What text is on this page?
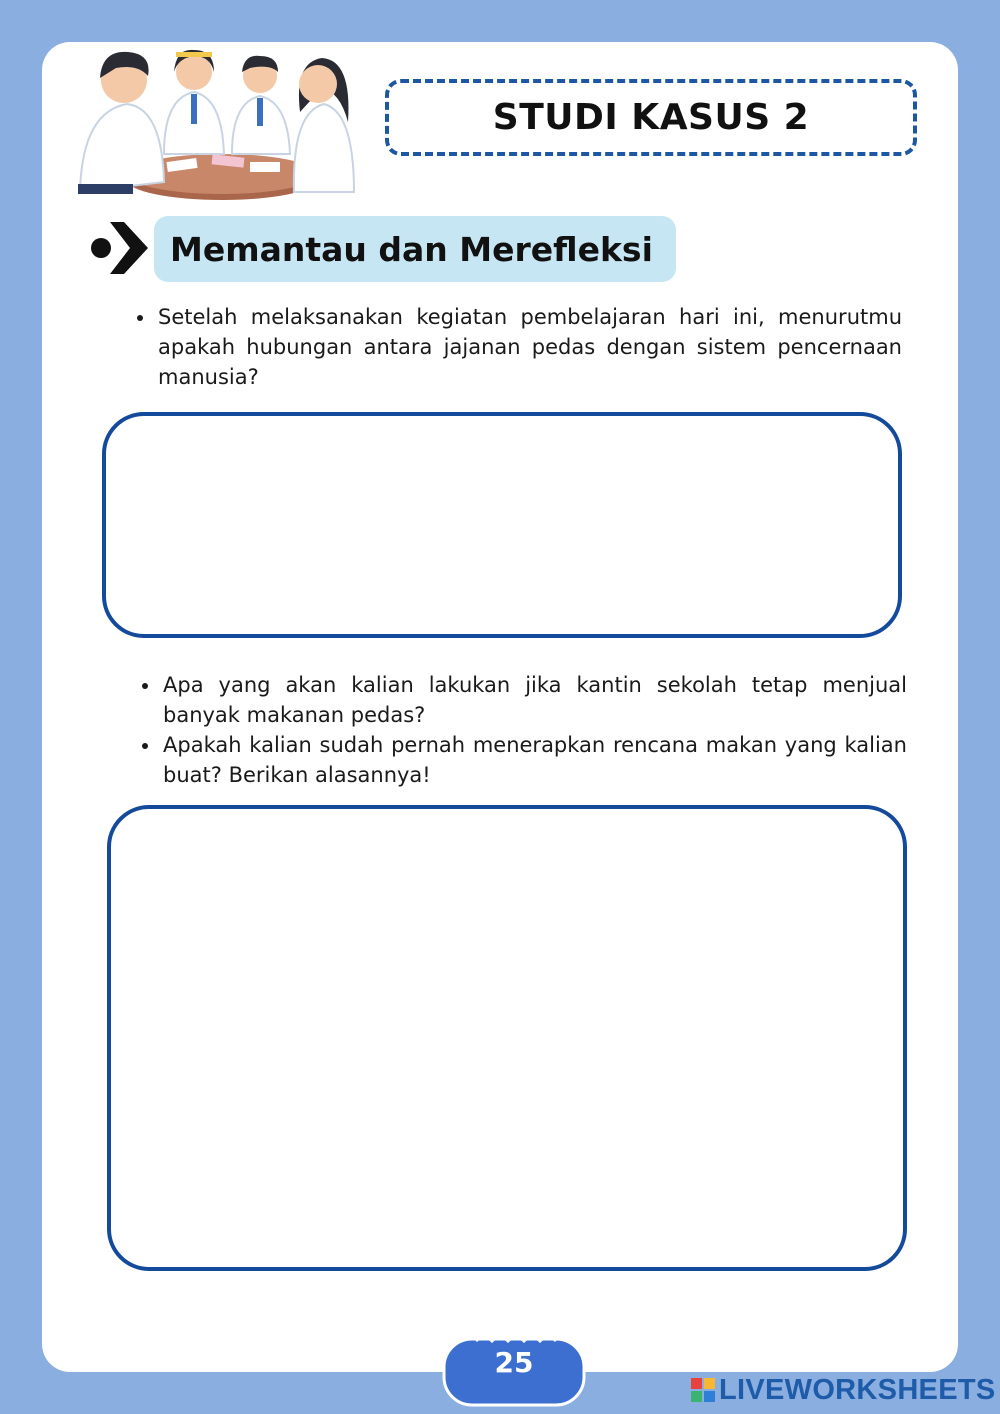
STUDI KASUS 2
Memantau dan Merefleksi
• Setelah melaksanakan kegiatan pembelajaran hari ini, menurutmu apakah hubungan antara jajanan pedas dengan sistem pencernaan manusia?
• Apa yang akan kalian lakukan jika kantin sekolah tetap menjual banyak makanan pedas?
• Apakah kalian sudah pernah menerapkan rencana makan yang kalian buat? Berikan alasannya!
25
LIVEWORKSHEETS
